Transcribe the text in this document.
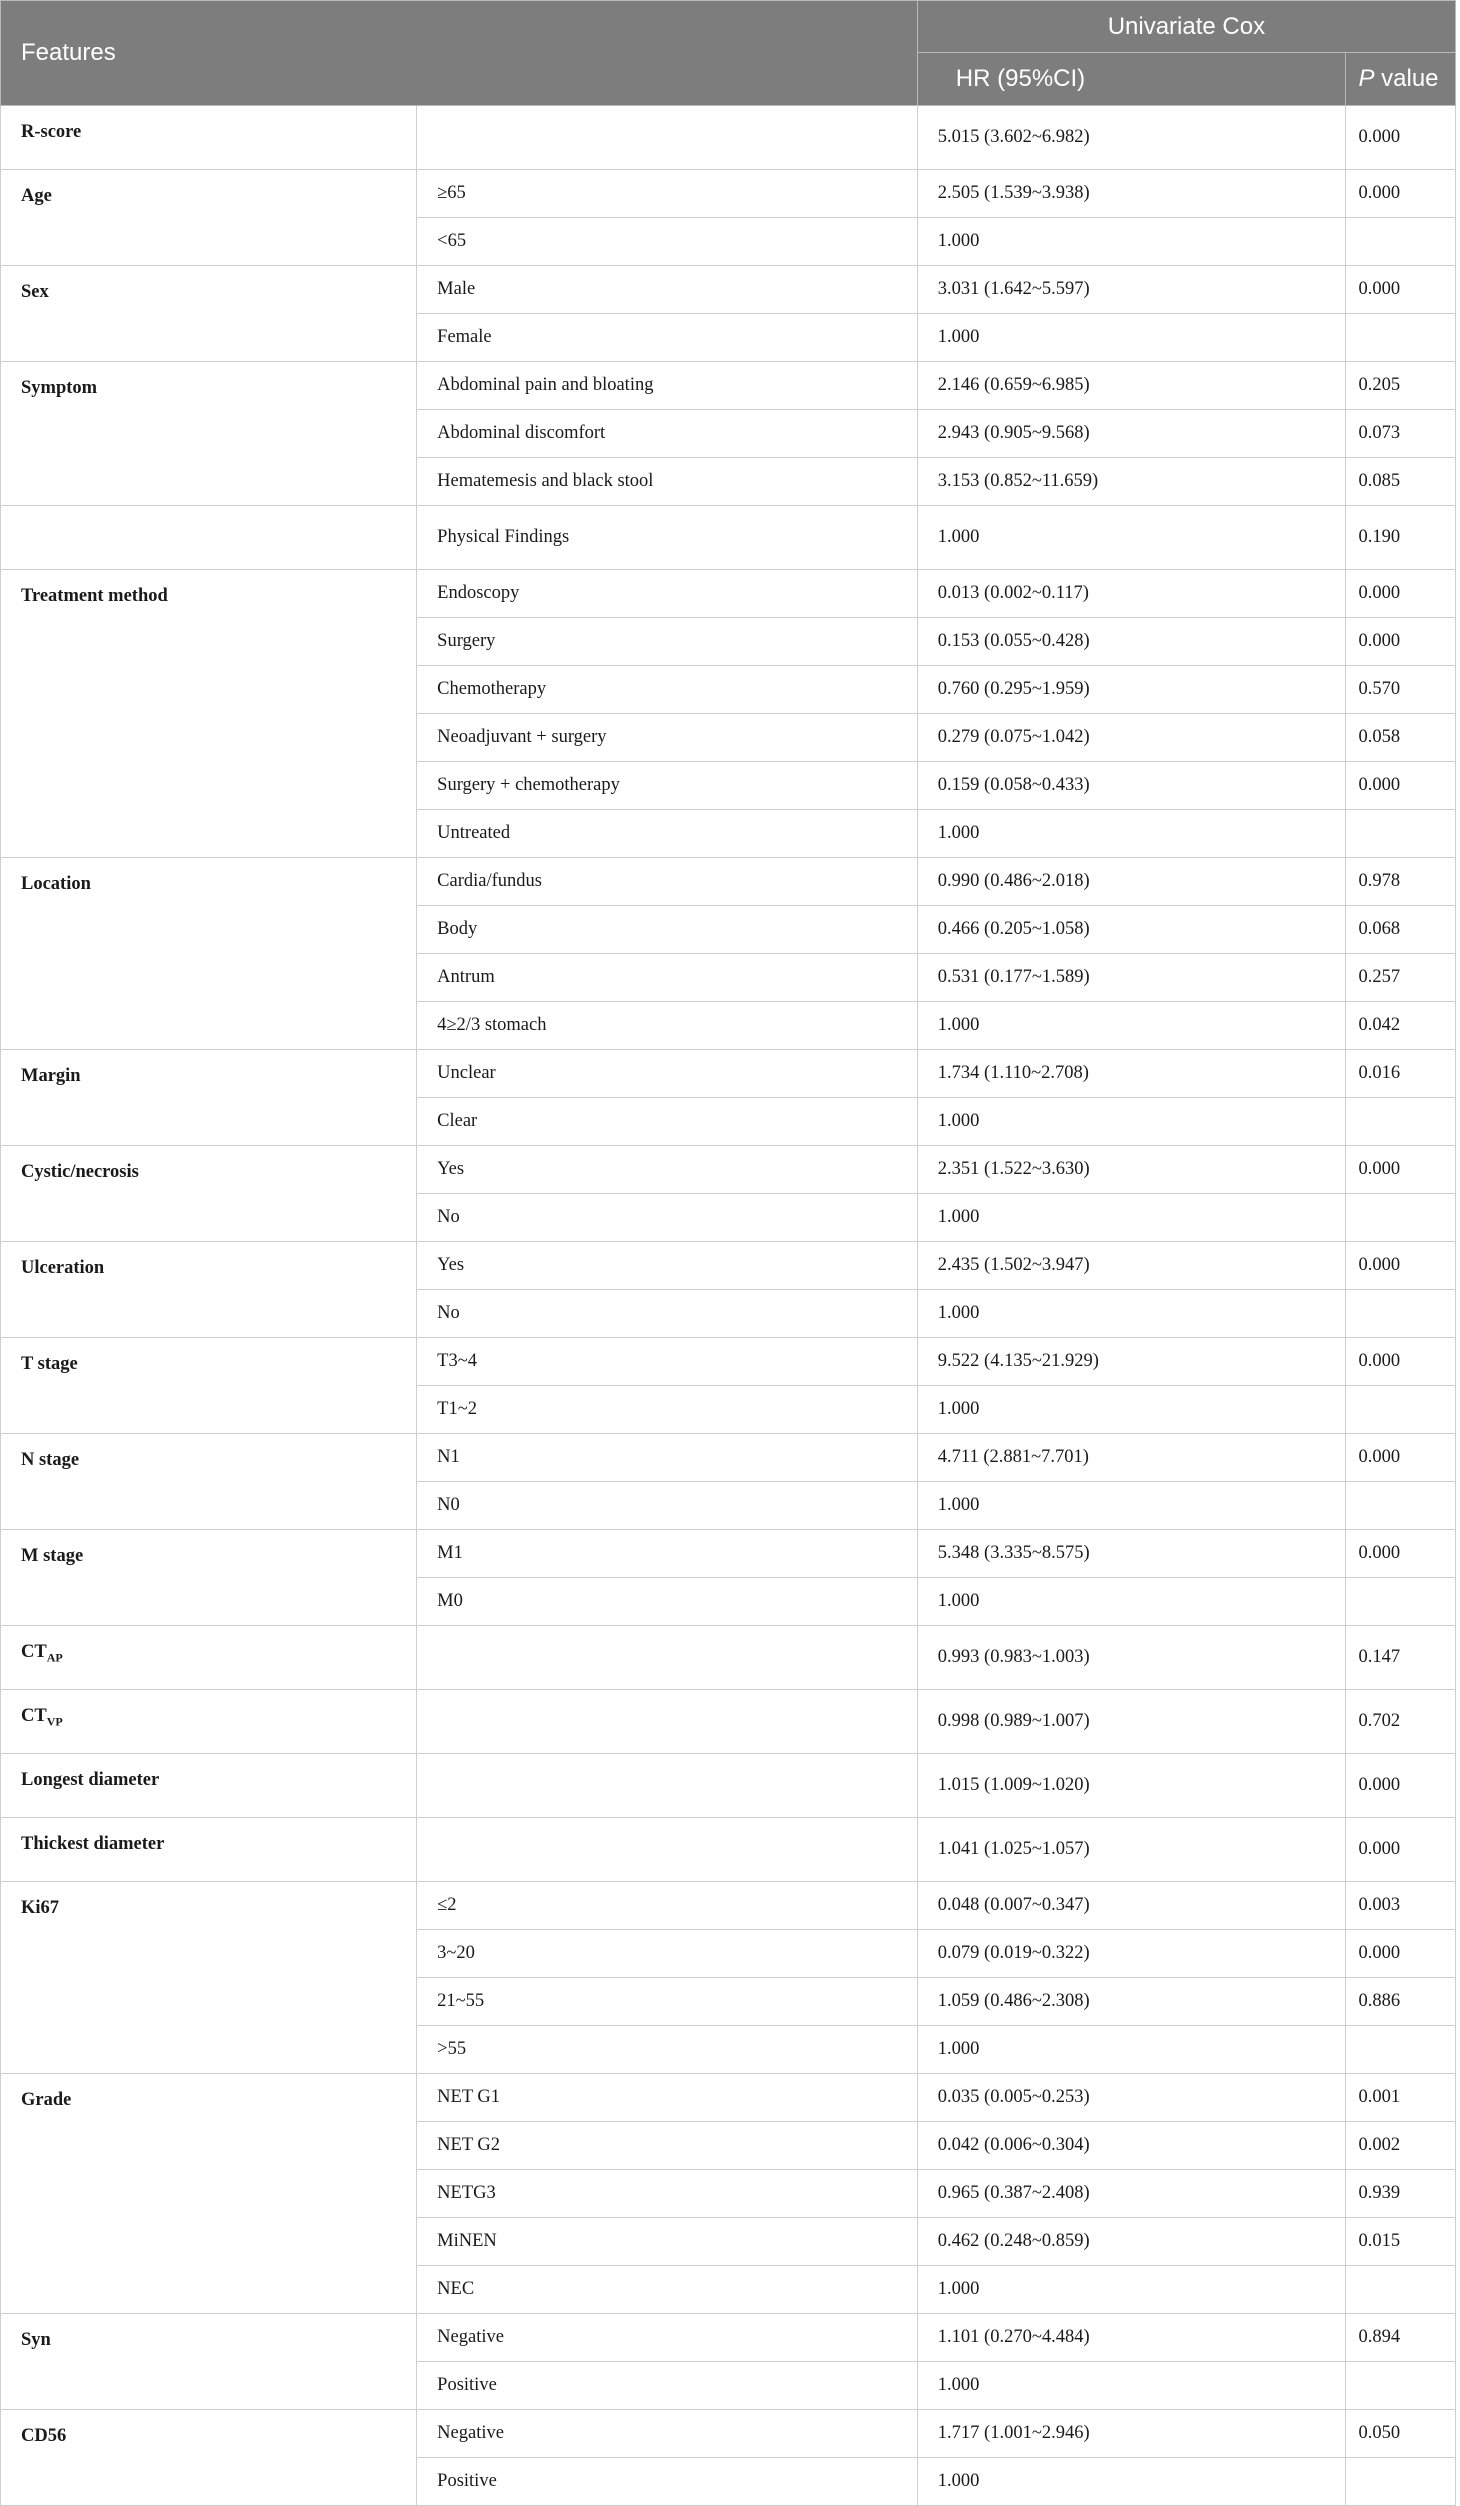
Features		Univariate Cox	
		HR (95%CI)	P value
R-score		5.015 (3.602~6.982)	0.000
Age	≥65	2.505 (1.539~3.938)	0.000
	<65	1.000	
Sex	Male	3.031 (1.642~5.597)	0.000
	Female	1.000	
Symptom	Abdominal pain and bloating	2.146 (0.659~6.985)	0.205
	Abdominal discomfort	2.943 (0.905~9.568)	0.073
	Hematemesis and black stool	3.153 (0.852~11.659)	0.085
	Physical Findings	1.000	0.190
Treatment method	Endoscopy	0.013 (0.002~0.117)	0.000
	Surgery	0.153 (0.055~0.428)	0.000
	Chemotherapy	0.760 (0.295~1.959)	0.570
	Neoadjuvant + surgery	0.279 (0.075~1.042)	0.058
	Surgery + chemotherapy	0.159 (0.058~0.433)	0.000
	Untreated	1.000	
Location	Cardia/fundus	0.990 (0.486~2.018)	0.978
	Body	0.466 (0.205~1.058)	0.068
	Antrum	0.531 (0.177~1.589)	0.257
	4≥2/3 stomach	1.000	0.042
Margin	Unclear	1.734 (1.110~2.708)	0.016
	Clear	1.000	
Cystic/necrosis	Yes	2.351 (1.522~3.630)	0.000
	No	1.000	
Ulceration	Yes	2.435 (1.502~3.947)	0.000
	No	1.000	
T stage	T3~4	9.522 (4.135~21.929)	0.000
	T1~2	1.000	
N stage	N1	4.711 (2.881~7.701)	0.000
	N0	1.000	
M stage	M1	5.348 (3.335~8.575)	0.000
	M0	1.000	
$CT_{AP}$		0.993 (0.983~1.003)	0.147
$CT_{VP}$		0.998 (0.989~1.007)	0.702
Longest diameter		1.015 (1.009~1.020)	0.000
Thickest diameter		1.041 (1.025~1.057)	0.000
Ki67	≤2	0.048 (0.007~0.347)	0.003
	3~20	0.079 (0.019~0.322)	0.000
	21~55	1.059 (0.486~2.308)	0.886
	>55	1.000	
Grade	NET G1	0.035 (0.005~0.253)	0.001
	NET G2	0.042 (0.006~0.304)	0.002
	NETG3	0.965 (0.387~2.408)	0.939
	MiNEN	0.462 (0.248~0.859)	0.015
	NEC	1.000	
Syn	Negative	1.101 (0.270~4.484)	0.894
	Positive	1.000	
CD56	Negative	1.717 (1.001~2.946)	0.050
	Positive	1.000	
